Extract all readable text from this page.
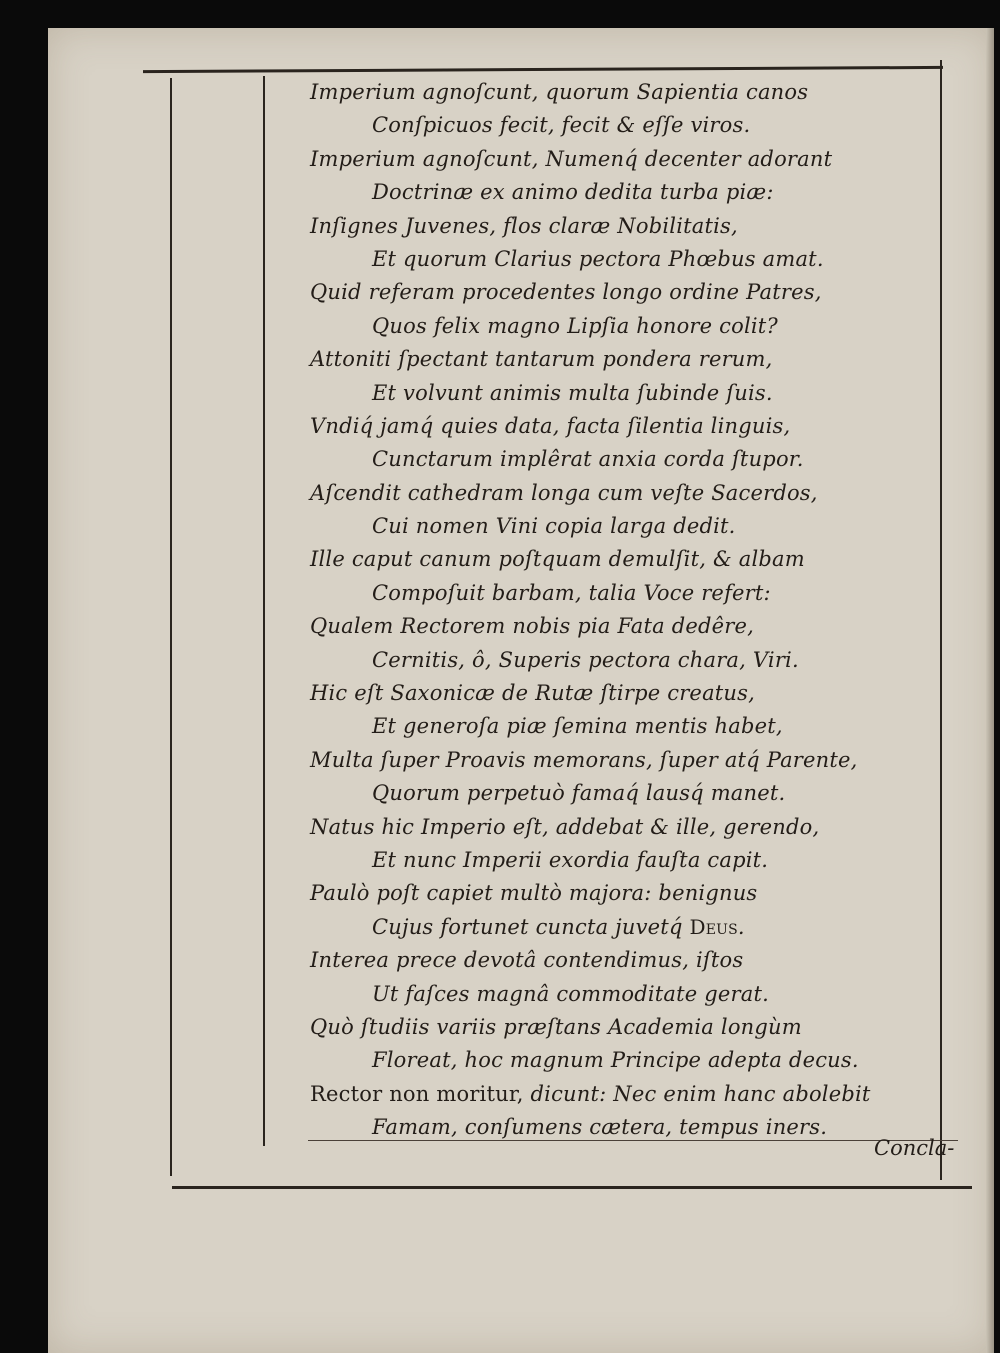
Imperium agnoſcunt, quorum Sapientia canos
Conſpicuos fecit, fecit & eſſe viros.
Imperium agnoſcunt, Numenq́ decenter adorant
Doctrinæ ex animo dedita turba piæ:
Inſignes Juvenes, flos claræ Nobilitatis,
Et quorum Clarius pectora Phœbus amat.
Quid referam procedentes longo ordine Patres,
Quos felix magno Lipſia honore colit?
Attoniti ſpectant tantarum pondera rerum,
Et volvunt animis multa ſubinde ſuis.
Vndiq́ jamq́ quies data, facta ſilentia linguis,
Cunctarum implêrat anxia corda ſtupor.
Aſcendit cathedram longa cum veſte Sacerdos,
Cui nomen Vini copia larga dedit.
Ille caput canum poſtquam demulſit, & albam
Compoſuit barbam, talia Voce refert:
Qualem Rectorem nobis pia Fata dedêre,
Cernitis, ô, Superis pectora chara, Viri.
Hic eſt Saxonicæ de Rutæ ſtirpe creatus,
Et generoſa piæ ſemina mentis habet,
Multa ſuper Proavis memorans, ſuper atq́ Parente,
Quorum perpetuò famaq́ lausq́ manet.
Natus hic Imperio eſt, addebat & ille, gerendo,
Et nunc Imperii exordia fauſta capit.
Paulò poſt capiet multò majora: benignus
Cujus fortunet cuncta juvetq́ Deus.
Interea prece devotâ contendimus, iſtos
Ut faſces magnâ commoditate gerat.
Quò ſtudiis variis præſtans Academia longùm
Floreat, hoc magnum Principe adepta decus.
Rector non moritur, dicunt: Nec enim hanc abolebit
Famam, conſumens cætera, tempus iners.
Concla-
